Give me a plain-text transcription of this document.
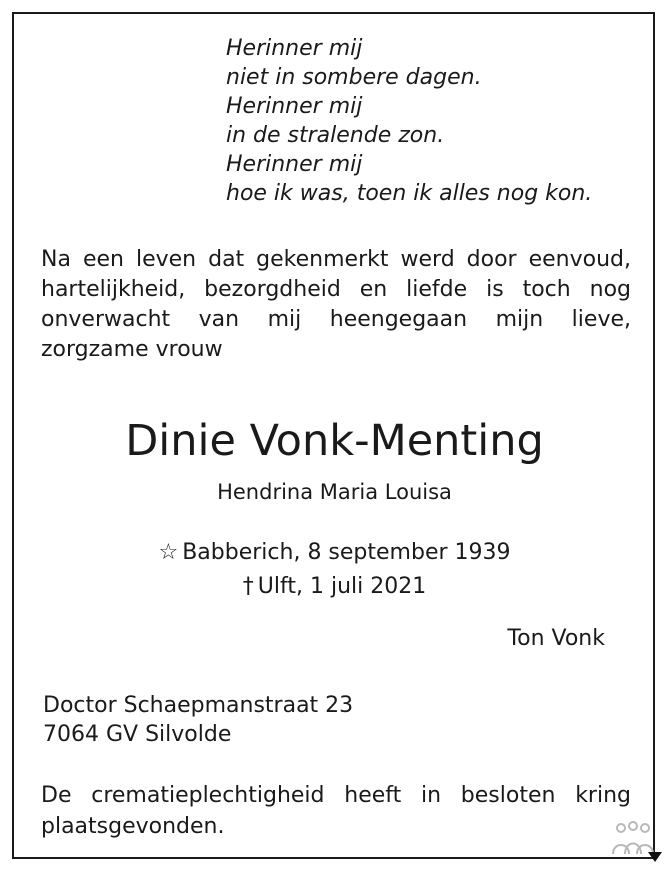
Herinner mij
niet in sombere dagen.
Herinner mij
in de stralende zon.
Herinner mij
hoe ik was, toen ik alles nog kon.
Na een leven dat gekenmerkt werd door eenvoud, hartelijkheid, bezorgdheid en liefde is toch nog onverwacht van mij heengegaan mijn lieve, zorgzame vrouw
Dinie Vonk-Menting
Hendrina Maria Louisa
☆ Babberich, 8 september 1939
† Ulft, 1 juli 2021
Ton Vonk
Doctor Schaepmanstraat 23
7064 GV Silvolde
De crematieplechtigheid heeft in besloten kring plaatsgevonden.
